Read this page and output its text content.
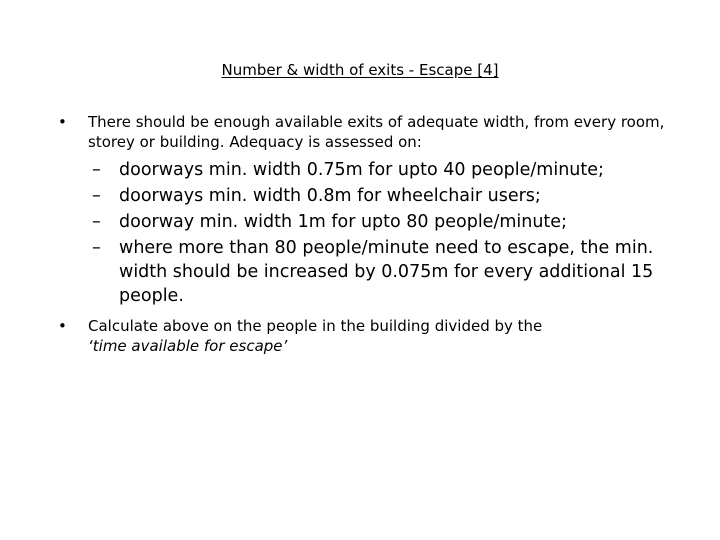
Number & width of exits - Escape [4]
•	There should be enough available exits of adequate width, from every room, storey or building. Adequacy is assessed on:
– doorways min. width 0.75m for upto 40 people/minute;
– doorways min. width 0.8m for wheelchair users;
– doorway min. width 1m for upto 80 people/minute;
– where more than 80 people/minute need to escape, the min. width should be increased by 0.075m for every additional 15 people.
•	Calculate above on the people in the building divided by the
‘time available for escape’
